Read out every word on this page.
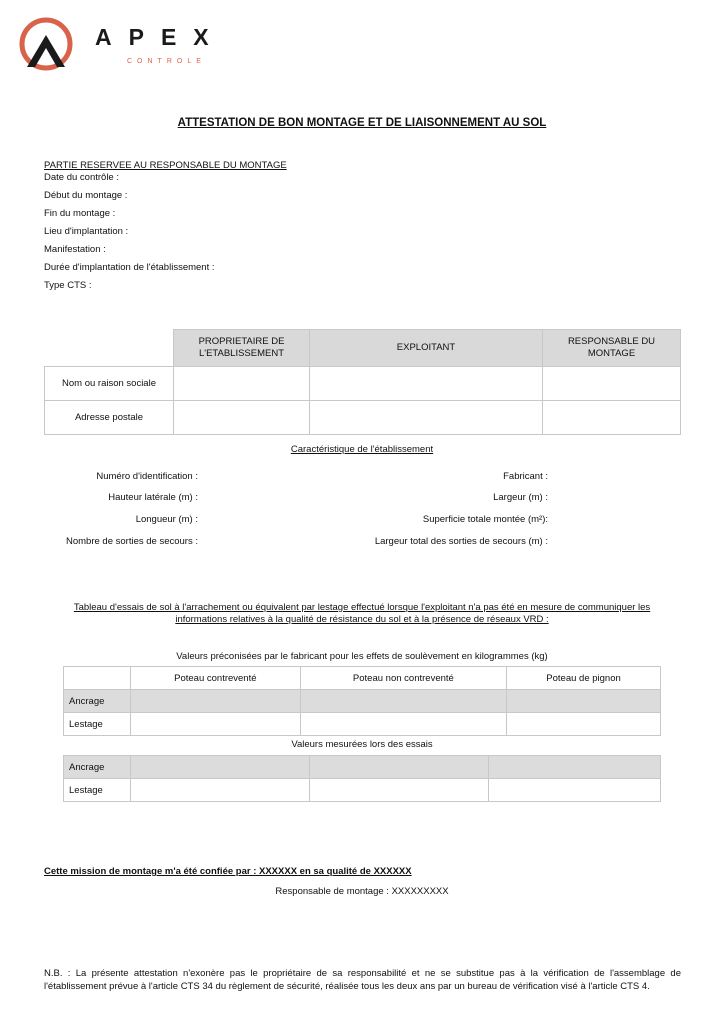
APEX
CONTROLE
ATTESTATION DE BON MONTAGE ET DE LIAISONNEMENT AU SOL
PARTIE RESERVEE AU RESPONSABLE DU MONTAGE
Date du contrôle :
Début du montage :
Fin du montage :
Lieu d'implantation :
Manifestation :
Durée d'implantation de l'établissement :
Type CTS :
	PROPRIETAIRE DE L'ETABLISSEMENT	EXPLOITANT	RESPONSABLE DU MONTAGE
Nom ou raison sociale			
Adresse postale			
Caractéristique de l'établissement
Numéro d'identification :
Hauteur latérale (m) :
Longueur (m) :
Nombre de sorties de secours :
Fabricant :
Largeur (m) :
Superficie totale montée (m²):
Largeur total des sorties de secours (m) :
Tableau d'essais de sol à l'arrachement ou équivalent par lestage effectué lorsque l'exploitant n'a pas été en mesure de communiquer les informations relatives à la qualité de résistance du sol et à la présence de réseaux VRD :
Valeurs préconisées par le fabricant pour les effets de soulèvement en kilogrammes (kg)
	Poteau contreventé	Poteau non contreventé	Poteau de pignon
Ancrage			
Lestage			
Valeurs mesurées lors des essais
Ancrage			
Lestage			
Cette mission de montage m'a été confiée par : XXXXXX en sa qualité de XXXXXX
Responsable de montage : XXXXXXXXX
N.B. : La présente attestation n'exonère pas le propriétaire de sa responsabilité et ne se substitue pas à la vérification de l'assemblage de l'établissement prévue à l'article CTS 34 du règlement de sécurité, réalisée tous les deux ans par un bureau de vérification visé à l'article CTS 4.
